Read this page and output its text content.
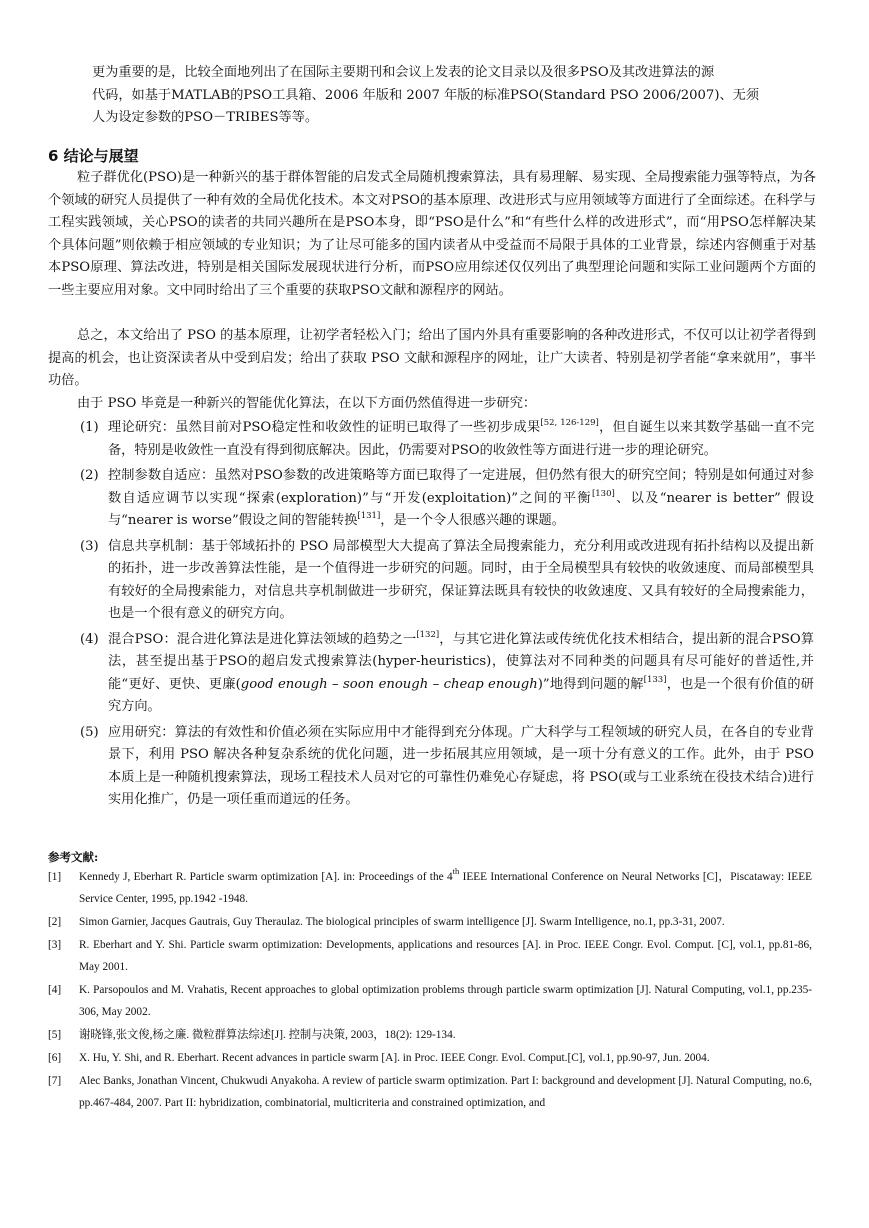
更为重要的是，比较全面地列出了在国际主要期刊和会议上发表的论文目录以及很多PSO及其改进算法的源
代码，如基于MATLAB的PSO工具箱、2006 年版和 2007 年版的标准PSO(Standard PSO 2006/2007)、无须
人为设定参数的PSO－TRIBES等等。
6 结论与展望

粒子群优化(PSO)是一种新兴的基于群体智能的启发式全局随机搜索算法，具有易理解、易实现、全局搜索能力强等特点，为各个领域的研究人员提供了一种有效的全局优化技术。本文对PSO的基本原理、改进形式与应用领域等方面进行了全面综述。在科学与工程实践领域，关心PSO的读者的共同兴趣所在是PSO本身，即“PSO是什么”和“有些什么样的改进形式”，而“用PSO怎样解决某个具体问题”则依赖于相应领域的专业知识；为了让尽可能多的国内读者从中受益而不局限于具体的工业背景，综述内容侧重于对基本PSO原理、算法改进，特别是相关国际发展现状进行分析，而PSO应用综述仅仅列出了典型理论问题和实际工业问题两个方面的一些主要应用对象。文中同时给出了三个重要的获取PSO文献和源程序的网站。

总之，本文给出了 PSO 的基本原理，让初学者轻松入门；给出了国内外具有重要影响的各种改进形式，不仅可以让初学者得到提高的机会，也让资深读者从中受到启发；给出了获取 PSO 文献和源程序的网址，让广大读者、特别是初学者能“拿来就用”，事半功倍。

由于 PSO 毕竟是一种新兴的智能优化算法，在以下方面仍然值得进一步研究：

(1) 理论研究：虽然目前对PSO稳定性和收敛性的证明已取得了一些初步成果[52, 126-129]，但自诞生以来其数学基础一直不完备，特别是收敛性一直没有得到彻底解决。因此，仍需要对PSO的收敛性等方面进行进一步的理论研究。
(2) 控制参数自适应：虽然对PSO参数的改进策略等方面已取得了一定进展，但仍然有很大的研究空间；特别是如何通过对参数自适应调节以实现“探索(exploration)”与“开发(exploitation)”之间的平衡[130]、以及“nearer is better” 假设与“nearer is worse”假设之间的智能转换[131]，是一个令人很感兴趣的课题。
(3) 信息共享机制：基于邻域拓扑的 PSO 局部模型大大提高了算法全局搜索能力，充分利用或改进现有拓扑结构以及提出新的拓扑，进一步改善算法性能，是一个值得进一步研究的问题。同时，由于全局模型具有较快的收敛速度、而局部模型具有较好的全局搜索能力，对信息共享机制做进一步研究，保证算法既具有较快的收敛速度、又具有较好的全局搜索能力，也是一个很有意义的研究方向。
(4) 混合PSO：混合进化算法是进化算法领域的趋势之一[132]，与其它进化算法或传统优化技术相结合，提出新的混合PSO算法，甚至提出基于PSO的超启发式搜索算法(hyper-heuristics)，使算法对不同种类的问题具有尽可能好的普适性,并能“更好、更快、更廉(good enough – soon enough – cheap enough)”地得到问题的解[133]，也是一个很有价值的研究方向。
(5) 应用研究：算法的有效性和价值必须在实际应用中才能得到充分体现。广大科学与工程领域的研究人员，在各自的专业背景下，利用 PSO 解决各种复杂系统的优化问题，进一步拓展其应用领域，是一项十分有意义的工作。此外，由于 PSO 本质上是一种随机搜索算法，现场工程技术人员对它的可靠性仍难免心存疑虑，将 PSO(或与工业系统在役技术结合)进行实用化推广，仍是一项任重而道远的任务。
参考文献:
[1] Kennedy J, Eberhart R. Particle swarm optimization [A]. in: Proceedings of the 4th IEEE International Conference on Neural Networks [C]，Piscataway: IEEE Service Center, 1995, pp.1942 -1948.
[2] Simon Garnier, Jacques Gautrais, Guy Theraulaz. The biological principles of swarm intelligence [J]. Swarm Intelligence, no.1, pp.3-31, 2007.
[3] R. Eberhart and Y. Shi. Particle swarm optimization: Developments, applications and resources [A]. in Proc. IEEE Congr. Evol. Comput. [C], vol.1, pp.81-86, May 2001.
[4] K. Parsopoulos and M. Vrahatis, Recent approaches to global optimization problems through particle swarm optimization [J]. Natural Computing, vol.1, pp.235-306, May 2002.
[5] 谢晓锋,张文俊,杨之廉. 微粒群算法综述[J]. 控制与决策, 2003，18(2): 129-134.
[6] X. Hu, Y. Shi, and R. Eberhart. Recent advances in particle swarm [A]. in Proc. IEEE Congr. Evol. Comput.[C], vol.1, pp.90-97, Jun. 2004.
[7] Alec Banks, Jonathan Vincent, Chukwudi Anyakoha. A review of particle swarm optimization. Part I: background and development [J]. Natural Computing, no.6, pp.467-484, 2007. Part II: hybridization, combinatorial, multicriteria and constrained optimization, and
